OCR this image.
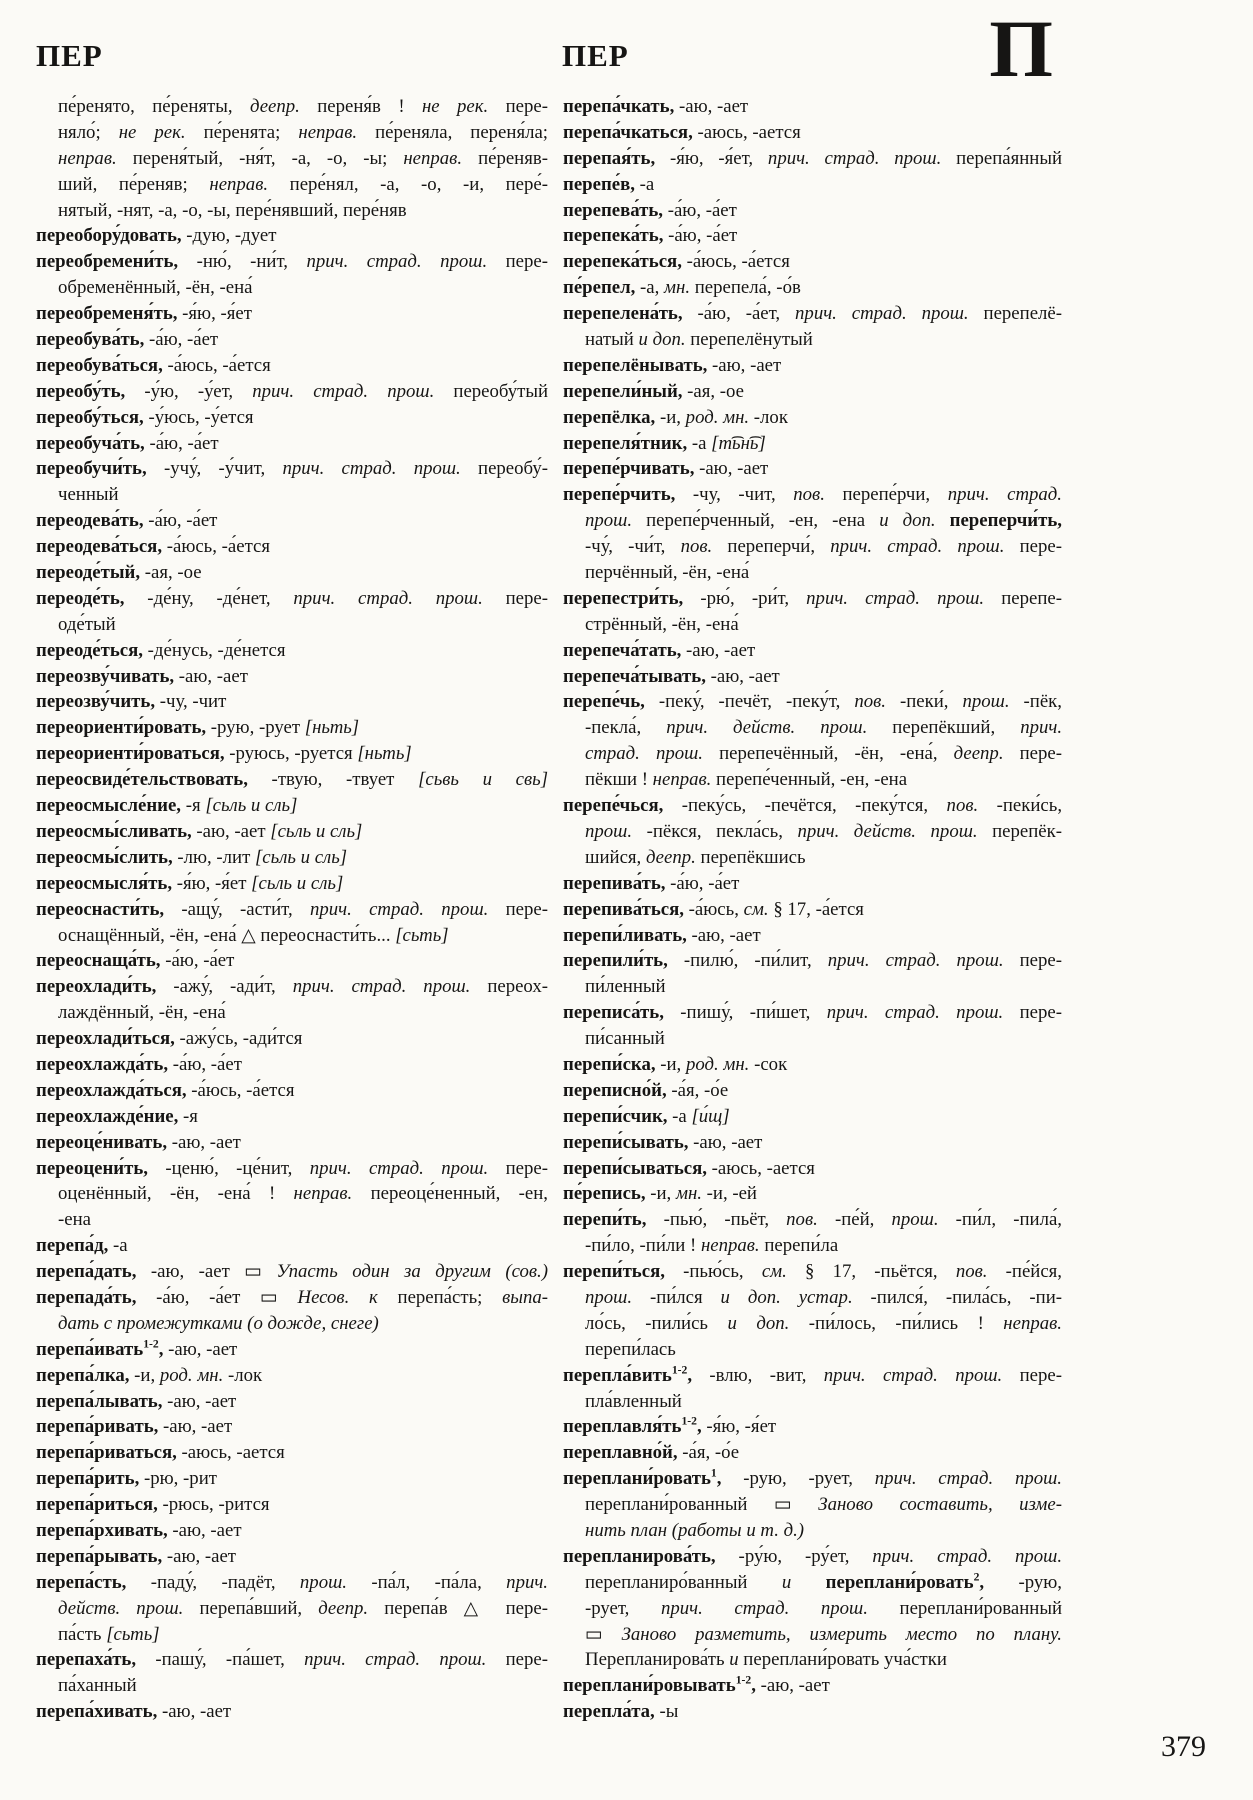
ПЕР	ПЕР	П
пе́ренято, пе́реняты, деепр. переня́в ! не рек. пере-
няло́; не рек. пе́ренята; неправ. пе́реняла, переня́ла;
неправ. переня́тый, -ня́т, -а, -о, -ы; неправ. пе́реняв-
ший, пе́реняв; неправ. пере́нял, -а, -о, -и, пере́-
нятый, -нят, -а, -о, -ы, пере́нявший, пере́няв
переобору́довать, -дую, -дует
переобремени́ть, -ню́, -ни́т, прич. страд. прош. пере-
обременённый, -ён, -ена́
переобременя́ть, -я́ю, -я́ет
переобува́ть, -а́ю, -а́ет
переобува́ться, -а́юсь, -а́ется
переобу́ть, -у́ю, -у́ет, прич. страд. прош. переобу́тый
переобу́ться, -у́юсь, -у́ется
переобуча́ть, -а́ю, -а́ет
переобучи́ть, -учу́, -у́чит, прич. страд. прош. переобу́-
ченный
переодева́ть, -а́ю, -а́ет
переодева́ться, -а́юсь, -а́ется
переоде́тый, -ая, -ое
переоде́ть, -де́ну, -де́нет, прич. страд. прош. пере-
оде́тый
переоде́ться, -де́нусь, -де́нется
переозву́чивать, -аю, -ает
переозву́чить, -чу, -чит
переориенти́ровать, -рую, -рует [ньть]
переориенти́роваться, -руюсь, -руется [ньть]
переосвиде́тельствовать, -твую, -твует [сьвь и свь]
переосмысле́ние, -я [сьль и сль]
переосмы́сливать, -аю, -ает [сьль и сль]
переосмы́слить, -лю, -лит [сьль и сль]
переосмысля́ть, -я́ю, -я́ет [сьль и сль]
переоснасти́ть, -ащу́, -асти́т, прич. страд. прош. пере-
оснащённый, -ён, -ена́ △ переоснасти́ть... [сьть]
переоснаща́ть, -а́ю, -а́ет
переохлади́ть, -ажу́, -ади́т, прич. страд. прош. переох-
лаждённый, -ён, -ена́
переохлади́ться, -ажу́сь, -ади́тся
переохлажда́ть, -а́ю, -а́ет
переохлажда́ться, -а́юсь, -а́ется
переохлажде́ние, -я
переоце́нивать, -аю, -ает
переоцени́ть, -ценю́, -це́нит, прич. страд. прош. пере-
оценённый, -ён, -ена́ ! неправ. переоце́ненный, -ен,
-ена
перепа́д, -а
перепа́дать, -аю, -ает ▭ Упасть один за другим (сов.)
перепада́ть, -а́ю, -а́ет ▭ Несов. к перепа́сть; выпа-
дать с промежутками (о дожде, снеге)
перепа́ивать$^{1-2}$, -аю, -ает
перепа́лка, -и, род. мн. -лок
перепа́лывать, -аю, -ает
перепа́ривать, -аю, -ает
перепа́риваться, -аюсь, -ается
перепа́рить, -рю, -рит
перепа́риться, -рюсь, -рится
перепа́рхивать, -аю, -ает
перепа́рывать, -аю, -ает
перепа́сть, -паду́, -падёт, прош. -па́л, -па́ла, прич.
действ. прош. перепа́вший, деепр. перепа́в △ пере-
па́сть [сьть]
перепаха́ть, -пашу́, -па́шет, прич. страд. прош. пере-
па́ханный
перепа́хивать, -аю, -ает
перепа́чкать, -аю, -ает
перепа́чкаться, -аюсь, -ается
перепая́ть, -я́ю, -я́ет, прич. страд. прош. перепа́янный
перепе́в, -а
перепева́ть, -а́ю, -а́ет
перепека́ть, -а́ю, -а́ет
перепека́ться, -а́юсь, -а́ется
пе́репел, -а, мн. перепела́, -о́в
перепелена́ть, -а́ю, -а́ет, прич. страд. прош. перепелё-
натый и доп. перепелёнутый
перепелёнывать, -аю, -ает
перепели́ный, -ая, -ое
перепёлка, -и, род. мн. -лок
перепеля́тник, -а [т͡ьн͡ь]
перепе́рчивать, -аю, -ает
перепе́рчить, -чу, -чит, пов. перепе́рчи, прич. страд.
прош. перепе́рченный, -ен, -ена и доп. переперчи́ть,
-чу́, -чи́т, пов. переперчи́, прич. страд. прош. пере-
перчённый, -ён, -ена́
перепестри́ть, -рю́, -ри́т, прич. страд. прош. перепе-
стрённый, -ён, -ена́
перепеча́тать, -аю, -ает
перепеча́тывать, -аю, -ает
перепе́чь, -пеку́, -печёт, -пеку́т, пов. -пеки́, прош. -пёк,
-пекла́, прич. действ. прош. перепёкший, прич.
страд. прош. перепечённый, -ён, -ена́, деепр. пере-
пёкши ! неправ. перепе́ченный, -ен, -ена
перепе́чься, -пеку́сь, -печётся, -пеку́тся, пов. -пеки́сь,
прош. -пёкся, пекла́сь, прич. действ. прош. перепёк-
шийся, деепр. перепёкшись
перепива́ть, -а́ю, -а́ет
перепива́ться, -а́юсь, см. § 17, -а́ется
перепи́ливать, -аю, -ает
перепили́ть, -пилю́, -пи́лит, прич. страд. прош. пере-
пи́ленный
переписа́ть, -пишу́, -пи́шет, прич. страд. прош. пере-
пи́санный
перепи́ска, -и, род. мн. -сок
переписно́й, -а́я, -о́е
перепи́счик, -а [и́щ]
перепи́сывать, -аю, -ает
перепи́сываться, -аюсь, -ается
пе́репись, -и, мн. -и, -ей
перепи́ть, -пью́, -пьёт, пов. -пе́й, прош. -пи́л, -пила́,
-пи́ло, -пи́ли ! неправ. перепи́ла
перепи́ться, -пью́сь, см. § 17, -пьётся, пов. -пе́йся,
прош. -пи́лся и доп. устар. -пился́, -пила́сь, -пи-
ло́сь, -пили́сь и доп. -пи́лось, -пи́лись ! неправ.
перепи́лась
перепла́вить$^{1-2}$, -влю, -вит, прич. страд. прош. пере-
пла́вленный
$переплавля́ть^{1-2}$, -я́ю, -я́ет
переплавно́й, -а́я, -о́е
переплани́ровать$^1$, -рую, -рует, прич. страд. прош.
переплани́рованный ▭ Заново составить, изме-
нить план (работы и т. д.)
перепланирова́ть, -ру́ю, -ру́ет, прич. страд. прош.
перепланиро́ванный и переплани́ровать$^2$, -рую,
-рует, прич. страд. прош. переплани́рованный
▭ Заново разметить, измерить место по плану.
Перепланирова́ть и переплани́ровать уча́стки
переплани́ровывать$^{1-2}$, -аю, -ает
перепла́та, -ы
379
